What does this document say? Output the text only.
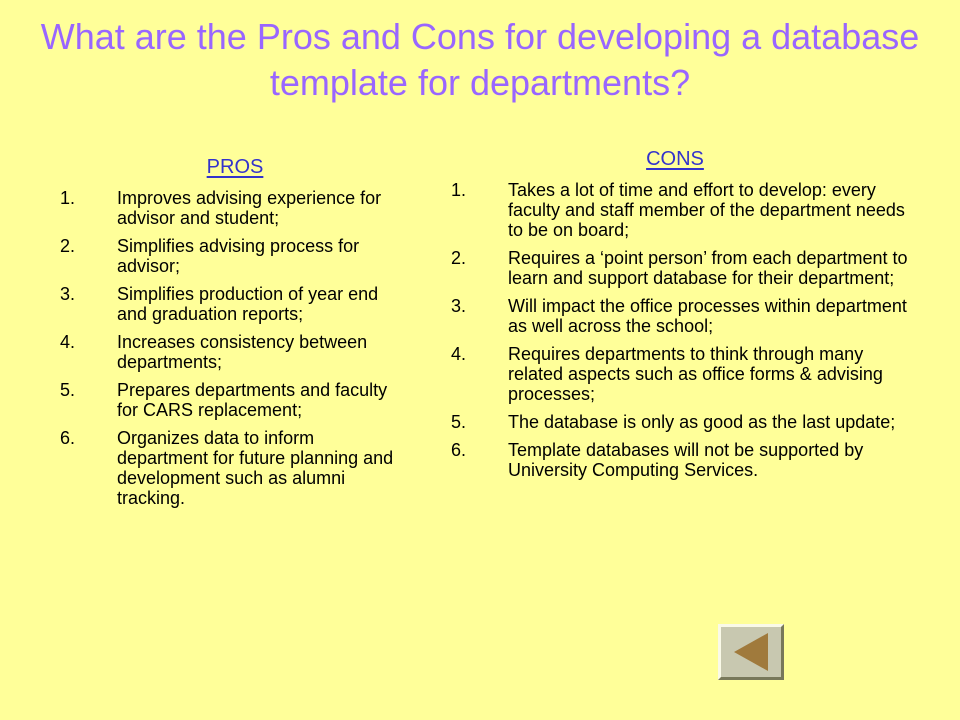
What are the Pros and Cons for developing a database template for departments?
PROS
1. Improves advising experience for advisor and student;
2. Simplifies advising process for advisor;
3. Simplifies production of year end and graduation reports;
4. Increases consistency between departments;
5. Prepares departments and faculty for CARS replacement;
6. Organizes data to inform department for future planning and development such as alumni tracking.
CONS
1. Takes a lot of time and effort to develop: every faculty and staff member of the department needs to be on board;
2. Requires a ‘point person’ from each department to learn and support database for their department;
3. Will impact the office processes within department as well across the school;
4. Requires departments to think through many related aspects such as office forms & advising processes;
5. The database is only as good as the last update;
6. Template databases will not be supported by University Computing Services.
